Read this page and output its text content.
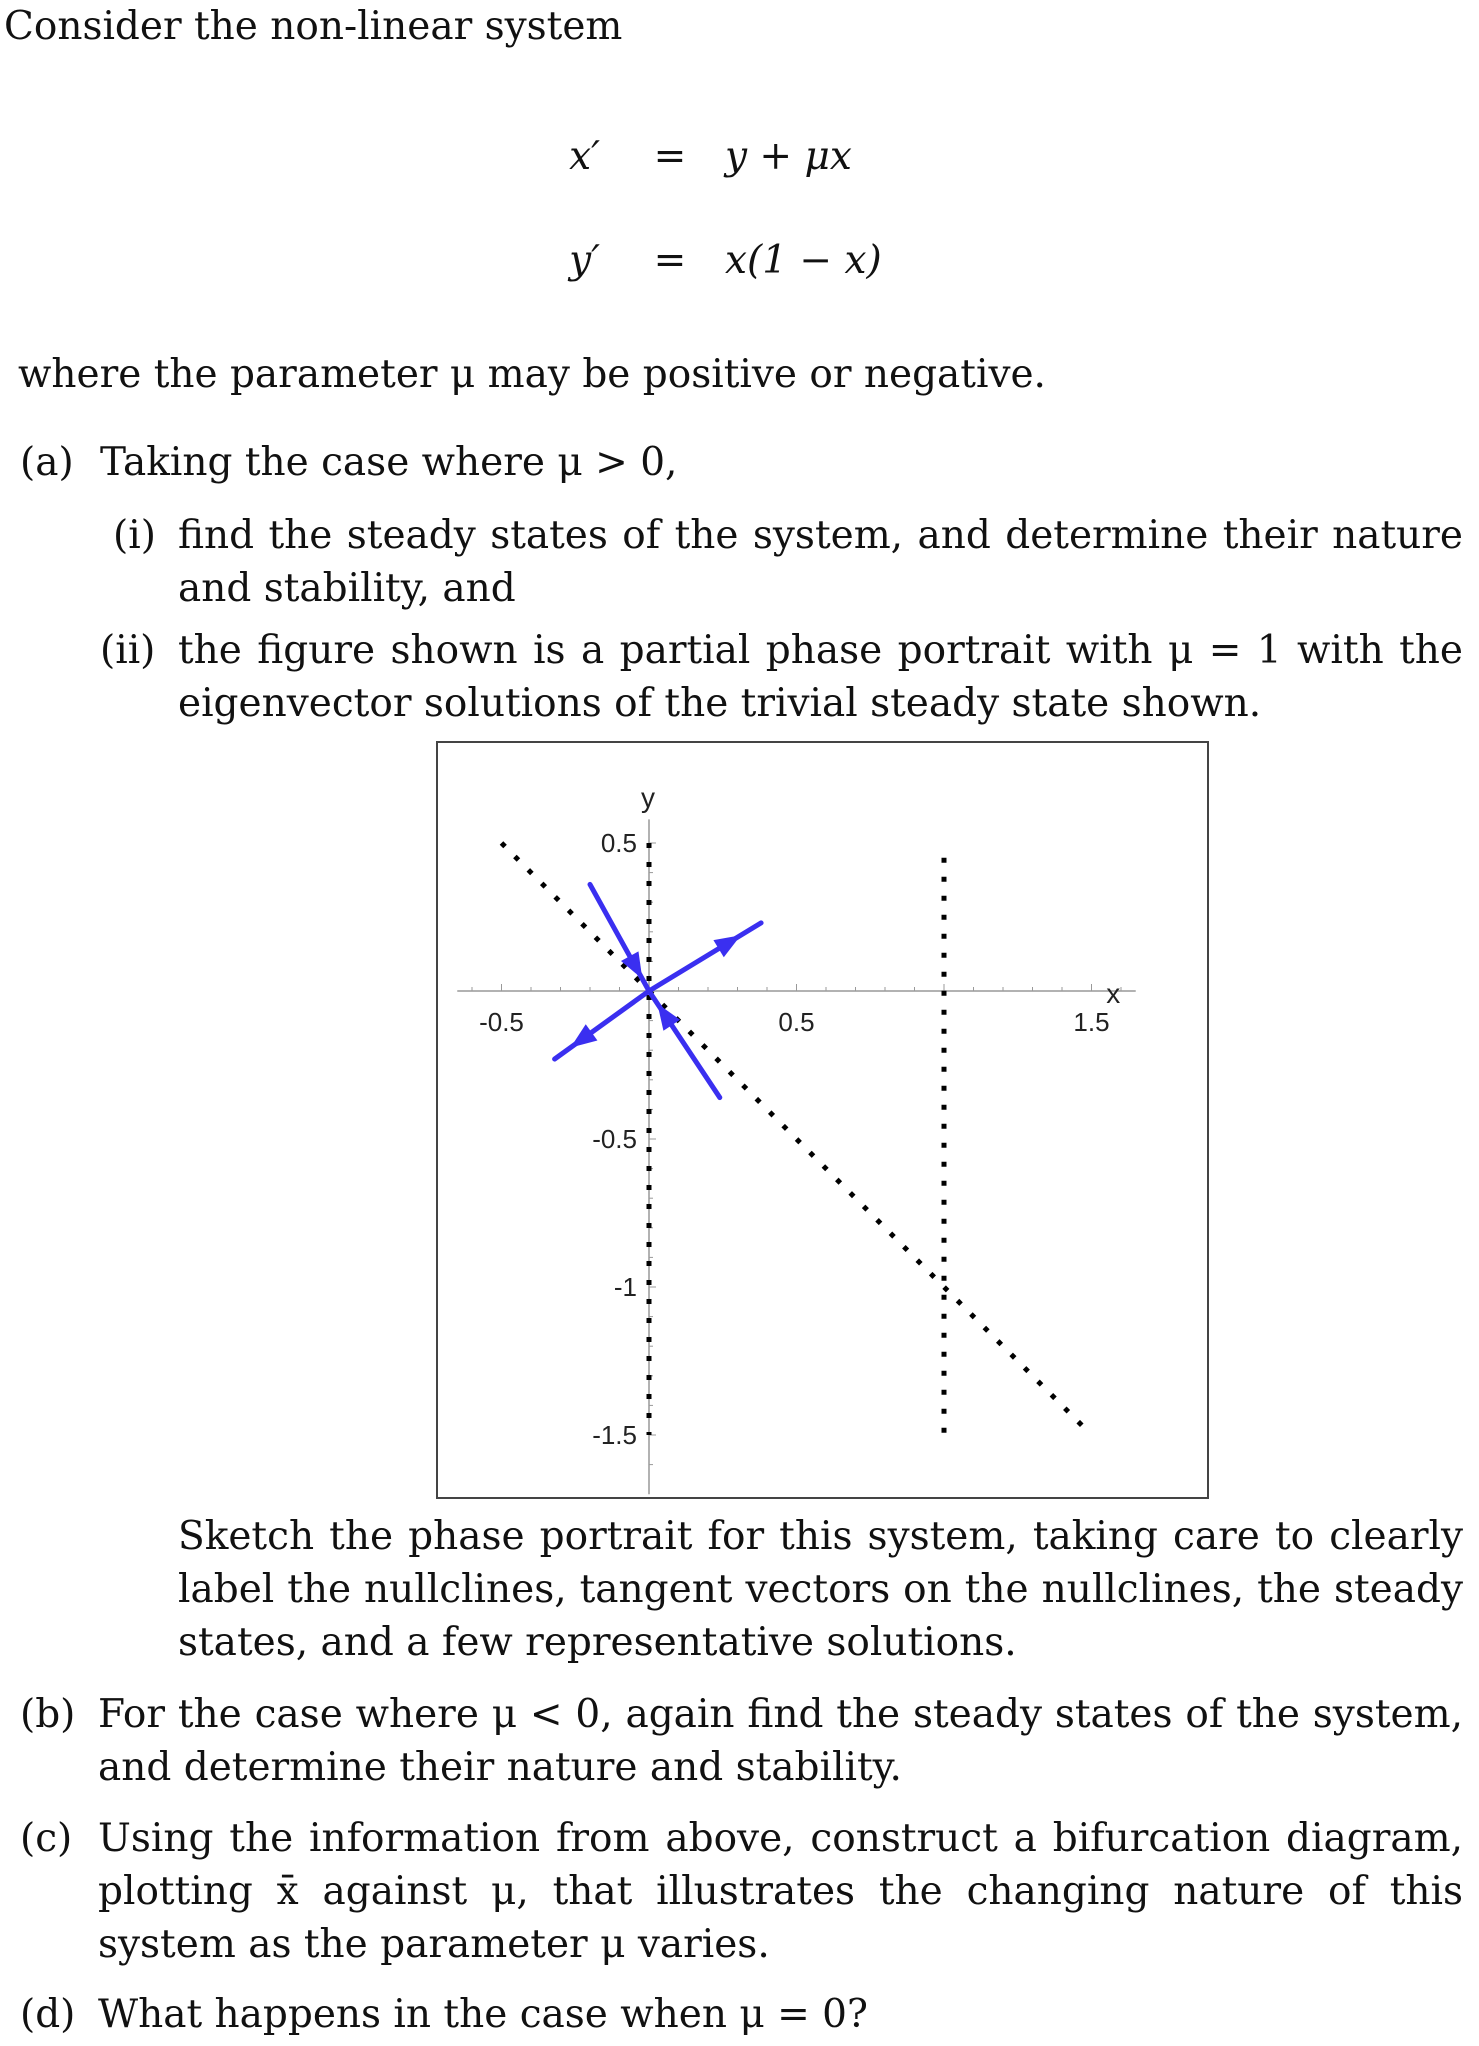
Consider the non-linear system
x′ = y + μx
y′ = x(1 − x)
where the parameter μ may be positive or negative.
(a) Taking the case where μ > 0,
(i) find the steady states of the system, and determine their nature and stability, and
(ii) the figure shown is a partial phase portrait with μ = 1 with the eigenvector solutions of the trivial steady state shown.
x
y
-0.5	0.5	1.5
0.5
-0.5
-1
-1.5
Sketch the phase portrait for this system, taking care to clearly label the nullclines, tangent vectors on the nullclines, the steady states, and a few representative solutions.
(b) For the case where μ < 0, again find the steady states of the system, and determine their nature and stability.
(c) Using the information from above, construct a bifurcation diagram, plotting x̄ against μ, that illustrates the changing nature of this system as the parameter μ varies.
(d) What happens in the case when μ = 0?
